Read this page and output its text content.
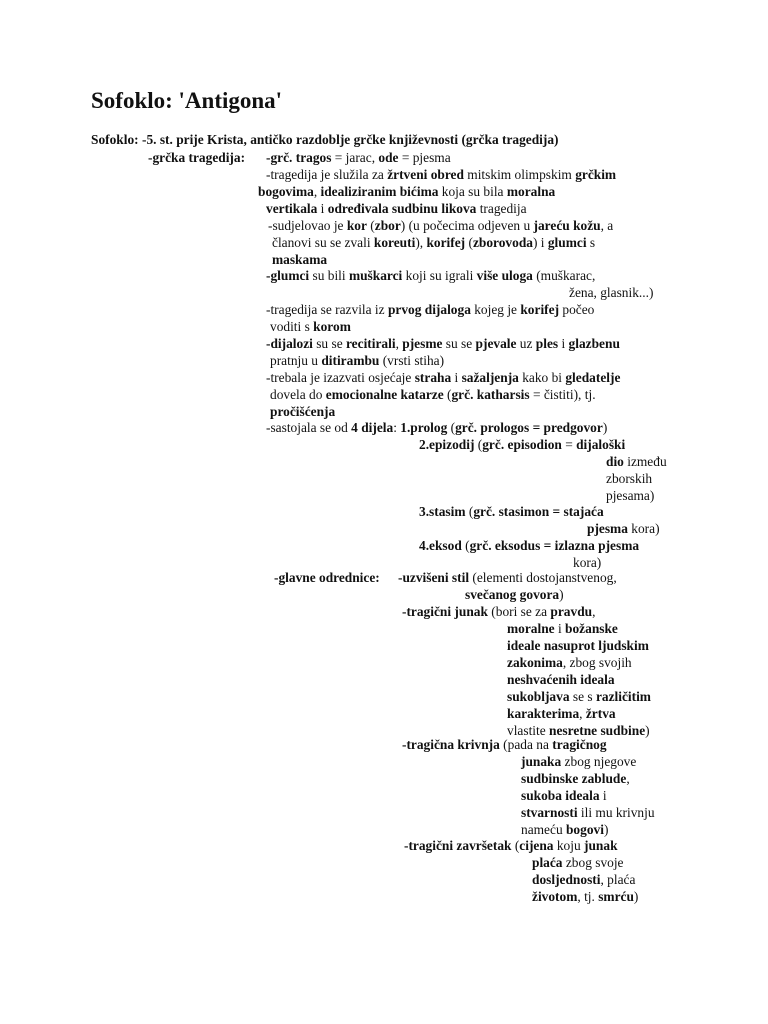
Sofoklo: 'Antigona'
Sofoklo: -5. st. prije Krista, antičko razdoblje grčke književnosti (grčka tragedija)
-grčka tragedija: -grč. tragos = jarac, ode = pjesma
-tragedija je služila za žrtveni obred mitskim olimpskim grčkim
bogovima, idealiziranim bićima koja su bila moralna
vertikala i određivala sudbinu likova tragedija
-sudjelovao je kor (zbor) (u počecima odjeven u jareću kožu, a
članovi su se zvali koreuti), korifej (zborovoda) i glumci s
maskama
-glumci su bili muškarci koji su igrali više uloga (muškarac,
žena, glasnik...)
-tragedija se razvila iz prvog dijaloga kojeg je korifej počeo
voditi s korom
-dijalozi su se recitirali, pjesme su se pjevale uz ples i glazbenu
pratnju u ditirambu (vrsti stiha)
-trebala je izazvati osjećaje straha i sažaljenja kako bi gledatelje
dovela do emocionalne katarze (grč. katharsis = čistiti), tj.
pročišćenja
-sastojala se od 4 dijela: 1.prolog (grč. prologos = predgovor)
2.epizodij (grč. episodion = dijaloški
dio između
zborskih
pjesama)
3.stasim (grč. stasimon = stajaća
pjesma kora)
4.eksod (grč. eksodus = izlazna pjesma
kora)
-glavne odrednice: -uzvišeni stil (elementi dostojanstvenog,
svečanog govora)
-tragični junak (bori se za pravdu,
moralne i božanske
ideale nasuprot ljudskim
zakonima, zbog svojih
neshvaćenih ideala
sukobljava se s različitim
karakterima, žrtva
vlastite nesretne sudbine)
-tragična krivnja (pada na tragičnog
junaka zbog njegove
sudbinske zablude,
sukoba ideala i
stvarnosti ili mu krivnju
nameću bogovi)
-tragični završetak (cijena koju junak
plaća zbog svoje
dosljednosti, plaća
životom, tj. smrću)
